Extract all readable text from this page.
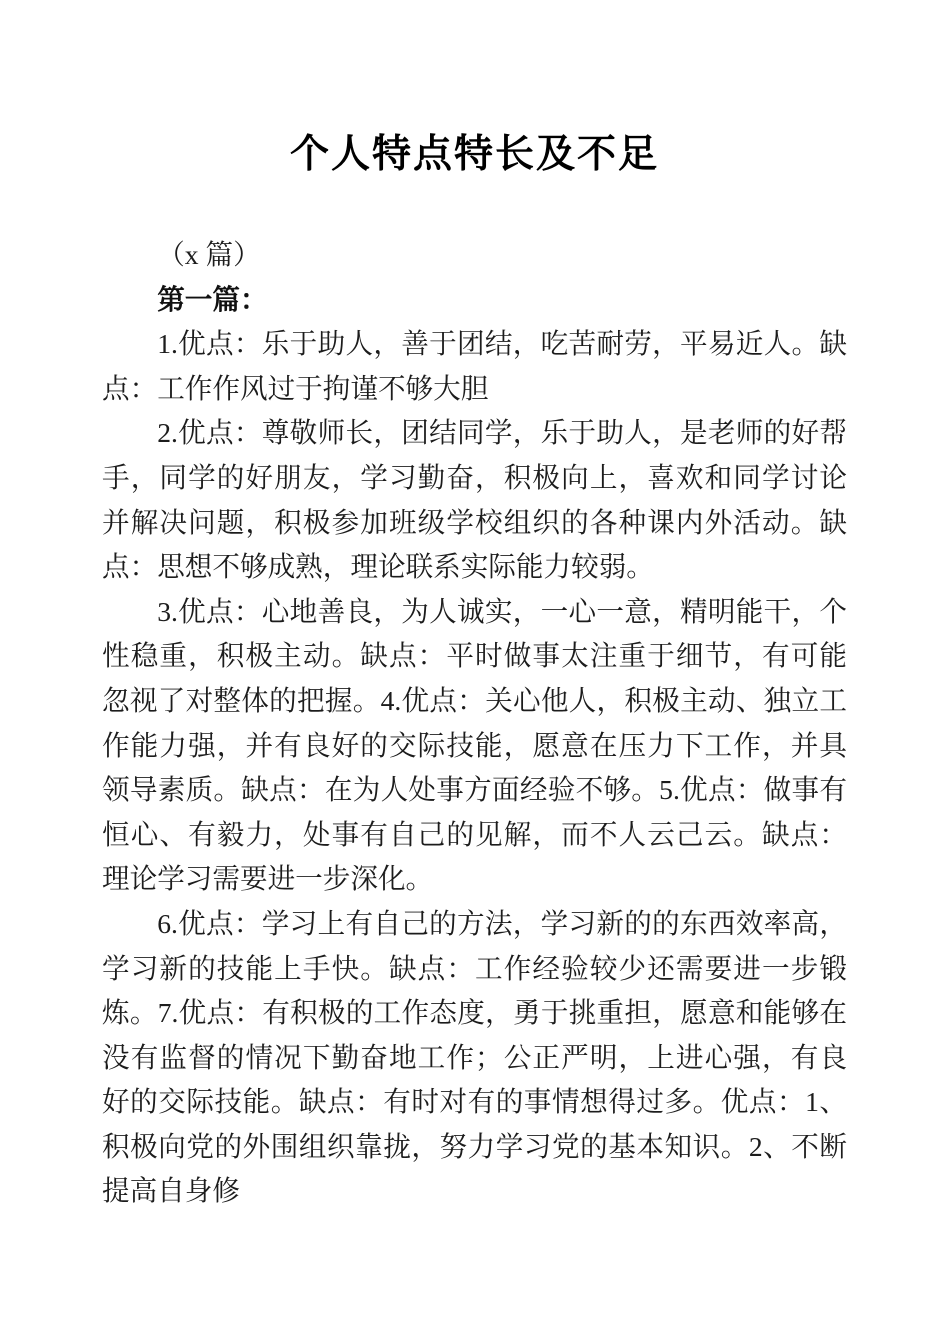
个人特点特长及不足

（x 篇）

第一篇：

1.优点：乐于助人，善于团结，吃苦耐劳，平易近人。缺点：工作作风过于拘谨不够大胆

2.优点：尊敬师长，团结同学，乐于助人，是老师的好帮手，同学的好朋友，学习勤奋，积极向上，喜欢和同学讨论并解决问题，积极参加班级学校组织的各种课内外活动。缺点：思想不够成熟，理论联系实际能力较弱。

3.优点：心地善良，为人诚实，一心一意，精明能干，个性稳重，积极主动。缺点：平时做事太注重于细节，有可能忽视了对整体的把握。4.优点：关心他人，积极主动、独立工作能力强，并有良好的交际技能，愿意在压力下工作，并具领导素质。缺点：在为人处事方面经验不够。5.优点：做事有恒心、有毅力，处事有自己的见解，而不人云己云。缺点：理论学习需要进一步深化。

6.优点：学习上有自己的方法，学习新的的东西效率高，学习新的技能上手快。缺点：工作经验较少还需要进一步锻炼。7.优点：有积极的工作态度，勇于挑重担，愿意和能够在没有监督的情况下勤奋地工作；公正严明，上进心强，有良好的交际技能。缺点：有时对有的事情想得过多。优点：1、积极向党的外围组织靠拢，努力学习党的基本知识。2、不断提高自身修
